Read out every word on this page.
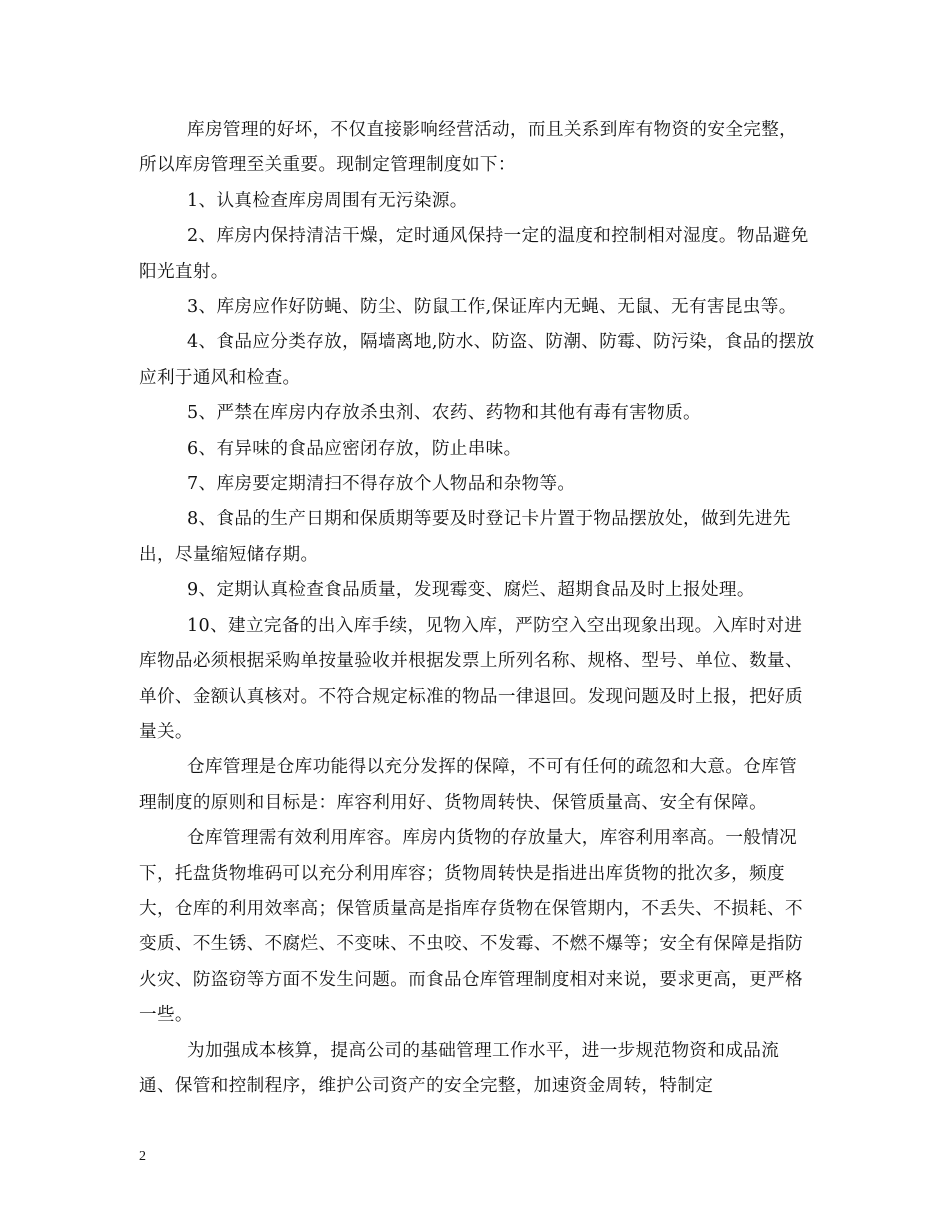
库房管理的好坏，不仅直接影响经营活动，而且关系到库有物资的安全完整，所以库房管理至关重要。现制定管理制度如下：

1、认真检查库房周围有无污染源。

2、库房内保持清洁干燥，定时通风保持一定的温度和控制相对湿度。物品避免阳光直射。

3、库房应作好防蝇、防尘、防鼠工作,保证库内无蝇、无鼠、无有害昆虫等。

4、食品应分类存放，隔墙离地,防水、防盗、防潮、防霉、防污染，食品的摆放应利于通风和检查。

5、严禁在库房内存放杀虫剂、农药、药物和其他有毒有害物质。

6、有异味的食品应密闭存放，防止串味。

7、库房要定期清扫不得存放个人物品和杂物等。

8、食品的生产日期和保质期等要及时登记卡片置于物品摆放处，做到先进先出，尽量缩短储存期。

9、定期认真检查食品质量，发现霉变、腐烂、超期食品及时上报处理。

10、建立完备的出入库手续，见物入库，严防空入空出现象出现。入库时对进库物品必须根据采购单按量验收并根据发票上所列名称、规格、型号、单位、数量、单价、金额认真核对。不符合规定标准的物品一律退回。发现问题及时上报，把好质量关。

仓库管理是仓库功能得以充分发挥的保障，不可有任何的疏忽和大意。仓库管理制度的原则和目标是：库容利用好、货物周转快、保管质量高、安全有保障。

仓库管理需有效利用库容。库房内货物的存放量大，库容利用率高。一般情况下，托盘货物堆码可以充分利用库容；货物周转快是指进出库货物的批次多，频度大，仓库的利用效率高；保管质量高是指库存货物在保管期内，不丢失、不损耗、不变质、不生锈、不腐烂、不变味、不虫咬、不发霉、不燃不爆等；安全有保障是指防火灾、防盗窃等方面不发生问题。而食品仓库管理制度相对来说，要求更高，更严格一些。

为加强成本核算，提高公司的基础管理工作水平，进一步规范物资和成品流通、保管和控制程序，维护公司资产的安全完整，加速资金周转，特制定

2
